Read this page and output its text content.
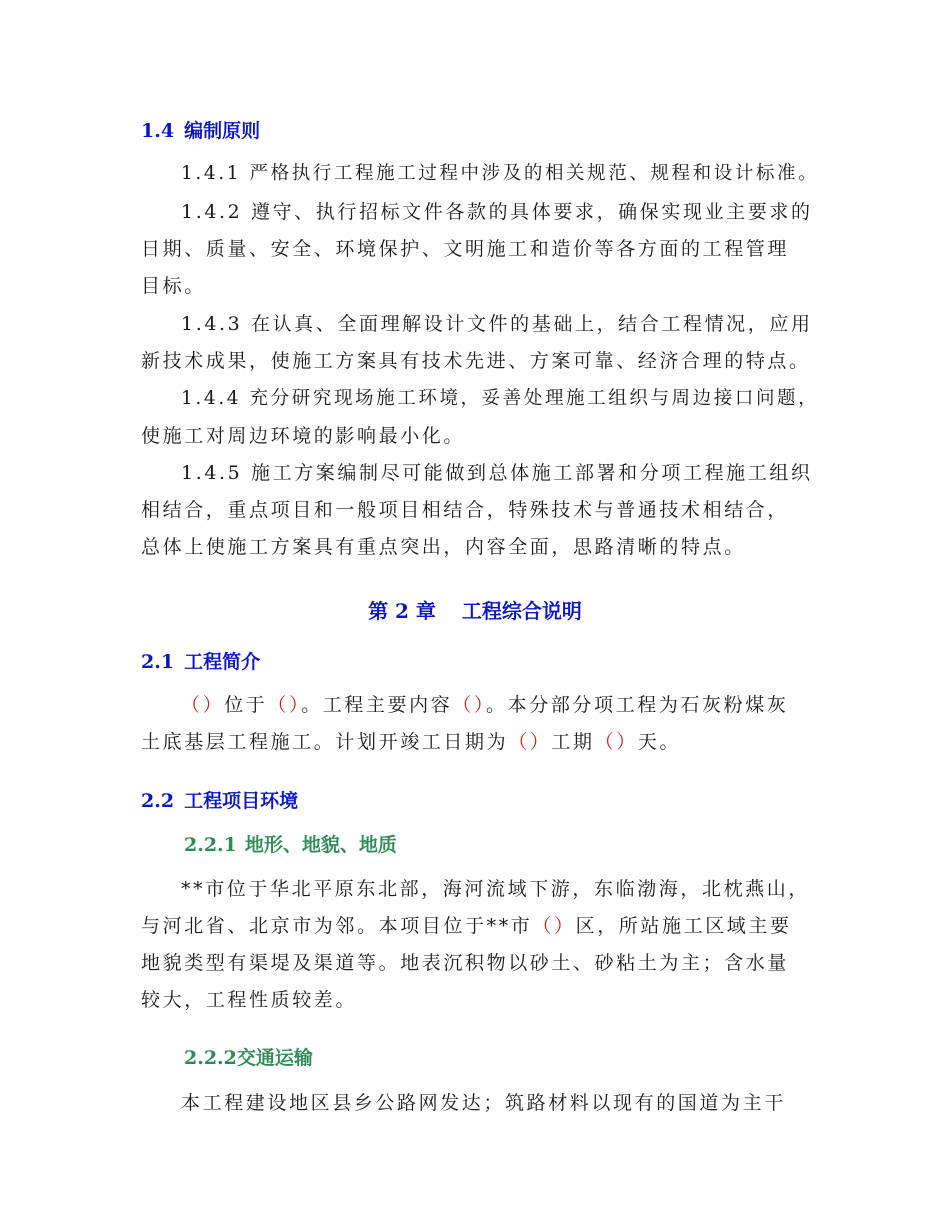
1.4 编制原则
1.4.1 严格执行工程施工过程中涉及的相关规范、规程和设计标准。
1.4.2 遵守、执行招标文件各款的具体要求，确保实现业主要求的
日期、质量、安全、环境保护、文明施工和造价等各方面的工程管理
目标。
1.4.3 在认真、全面理解设计文件的基础上，结合工程情况，应用
新技术成果，使施工方案具有技术先进、方案可靠、经济合理的特点。
1.4.4 充分研究现场施工环境，妥善处理施工组织与周边接口问题，
使施工对周边环境的影响最小化。
1.4.5 施工方案编制尽可能做到总体施工部署和分项工程施工组织
相结合，重点项目和一般项目相结合，特殊技术与普通技术相结合，
总体上使施工方案具有重点突出，内容全面，思路清晰的特点。
第 2 章 工程综合说明
2.1 工程简介
（）位于（）。工程主要内容（）。本分部分项工程为石灰粉煤灰
土底基层工程施工。计划开竣工日期为（）工期（）天。
2.2 工程项目环境
2.2.1 地形、地貌、地质
**市位于华北平原东北部，海河流域下游，东临渤海，北枕燕山，
与河北省、北京市为邻。本项目位于**市（）区，所站施工区域主要
地貌类型有渠堤及渠道等。地表沉积物以砂土、砂粘土为主；含水量
较大，工程性质较差。
2.2.2交通运输
本工程建设地区县乡公路网发达；筑路材料以现有的国道为主干
